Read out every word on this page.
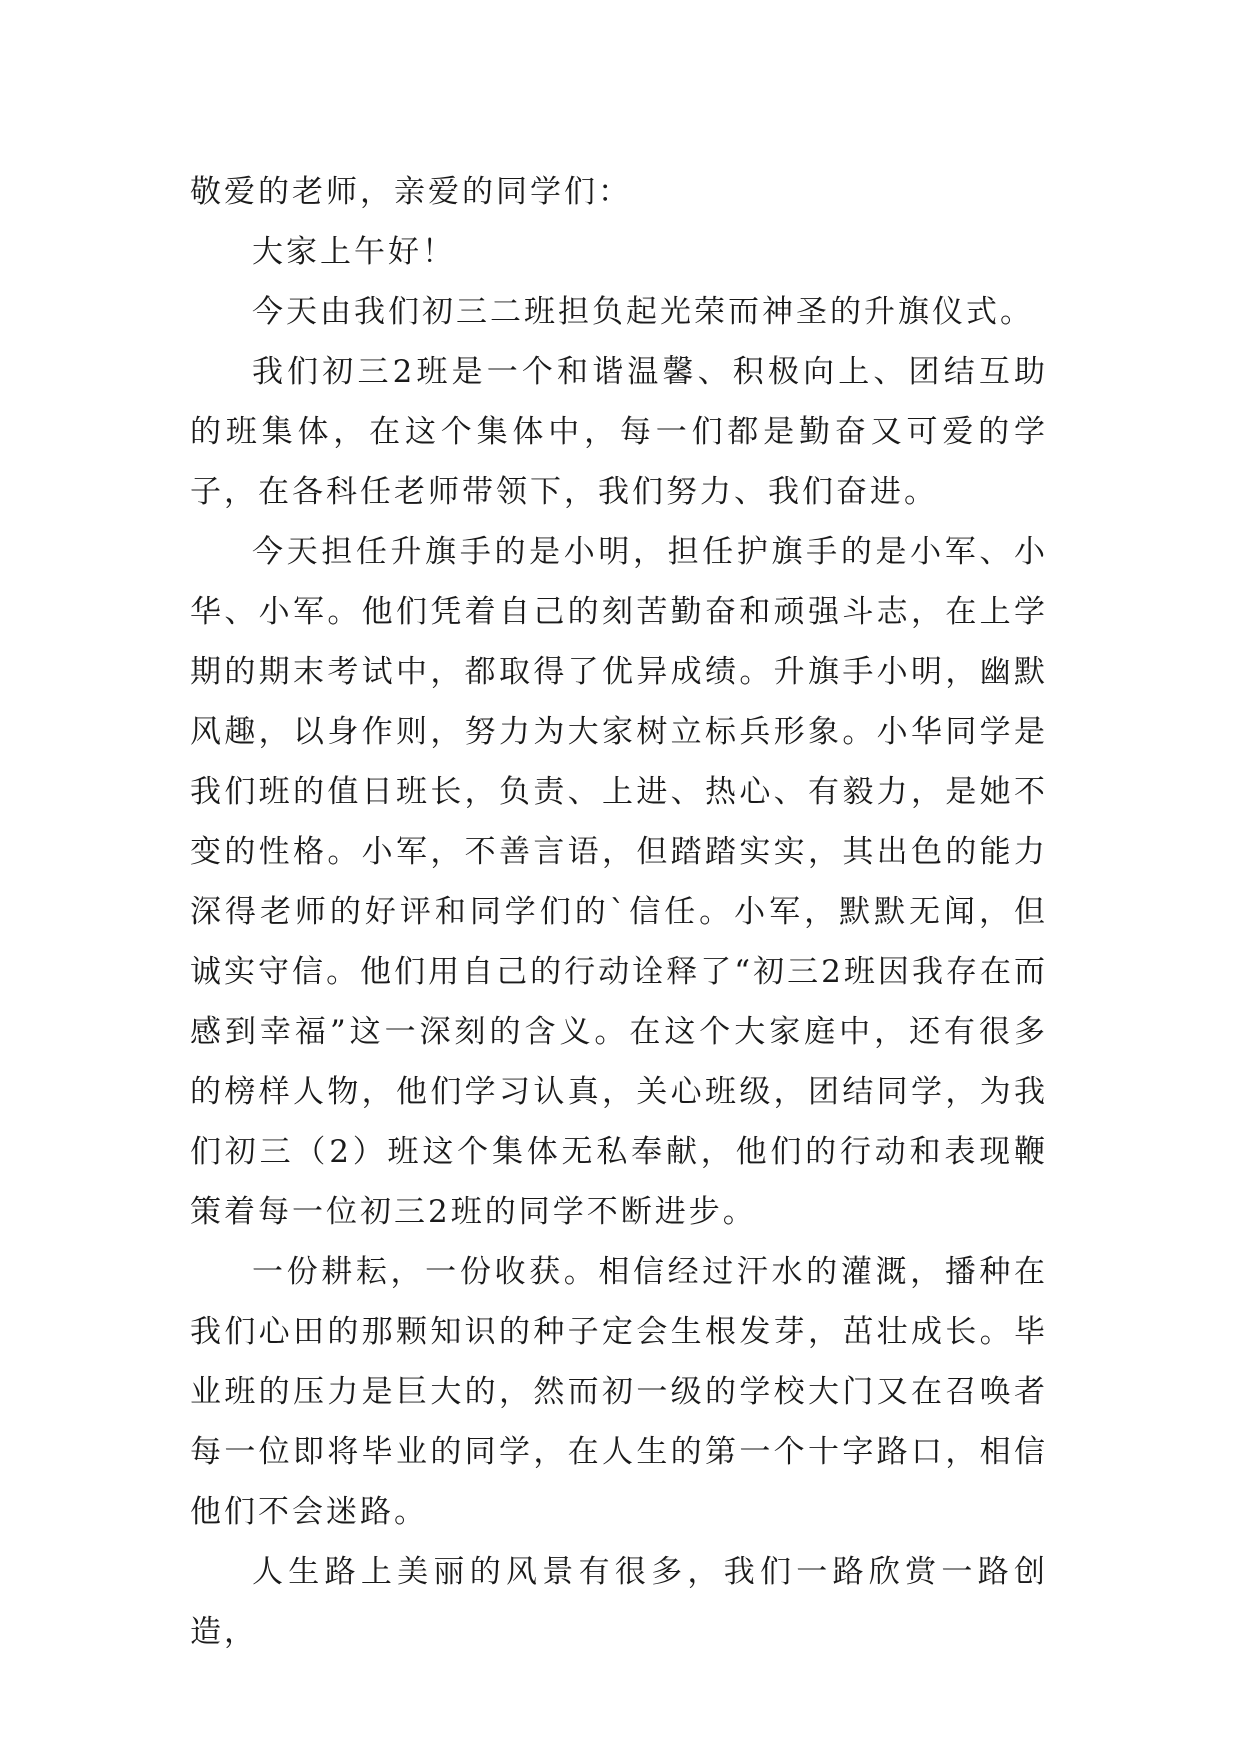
敬爱的老师，亲爱的同学们：

大家上午好！

今天由我们初三二班担负起光荣而神圣的升旗仪式。

我们初三2班是一个和谐温馨、积极向上、团结互助的班集体，在这个集体中，每一们都是勤奋又可爱的学子，在各科任老师带领下，我们努力、我们奋进。

今天担任升旗手的是小明，担任护旗手的是小军、小华、小军。他们凭着自己的刻苦勤奋和顽强斗志，在上学期的期末考试中，都取得了优异成绩。升旗手小明，幽默风趣，以身作则，努力为大家树立标兵形象。小华同学是我们班的值日班长，负责、上进、热心、有毅力，是她不变的性格。小军，不善言语，但踏踏实实，其出色的能力深得老师的好评和同学们的`信任。小军，默默无闻，但诚实守信。他们用自己的行动诠释了“初三2班因我存在而感到幸福”这一深刻的含义。在这个大家庭中，还有很多的榜样人物，他们学习认真，关心班级，团结同学，为我们初三（2）班这个集体无私奉献，他们的行动和表现鞭策着每一位初三2班的同学不断进步。

一份耕耘，一份收获。相信经过汗水的灌溉，播种在我们心田的那颗知识的种子定会生根发芽，茁壮成长。毕业班的压力是巨大的，然而初一级的学校大门又在召唤者每一位即将毕业的同学，在人生的第一个十字路口，相信他们不会迷路。

人生路上美丽的风景有很多，我们一路欣赏一路创造，
